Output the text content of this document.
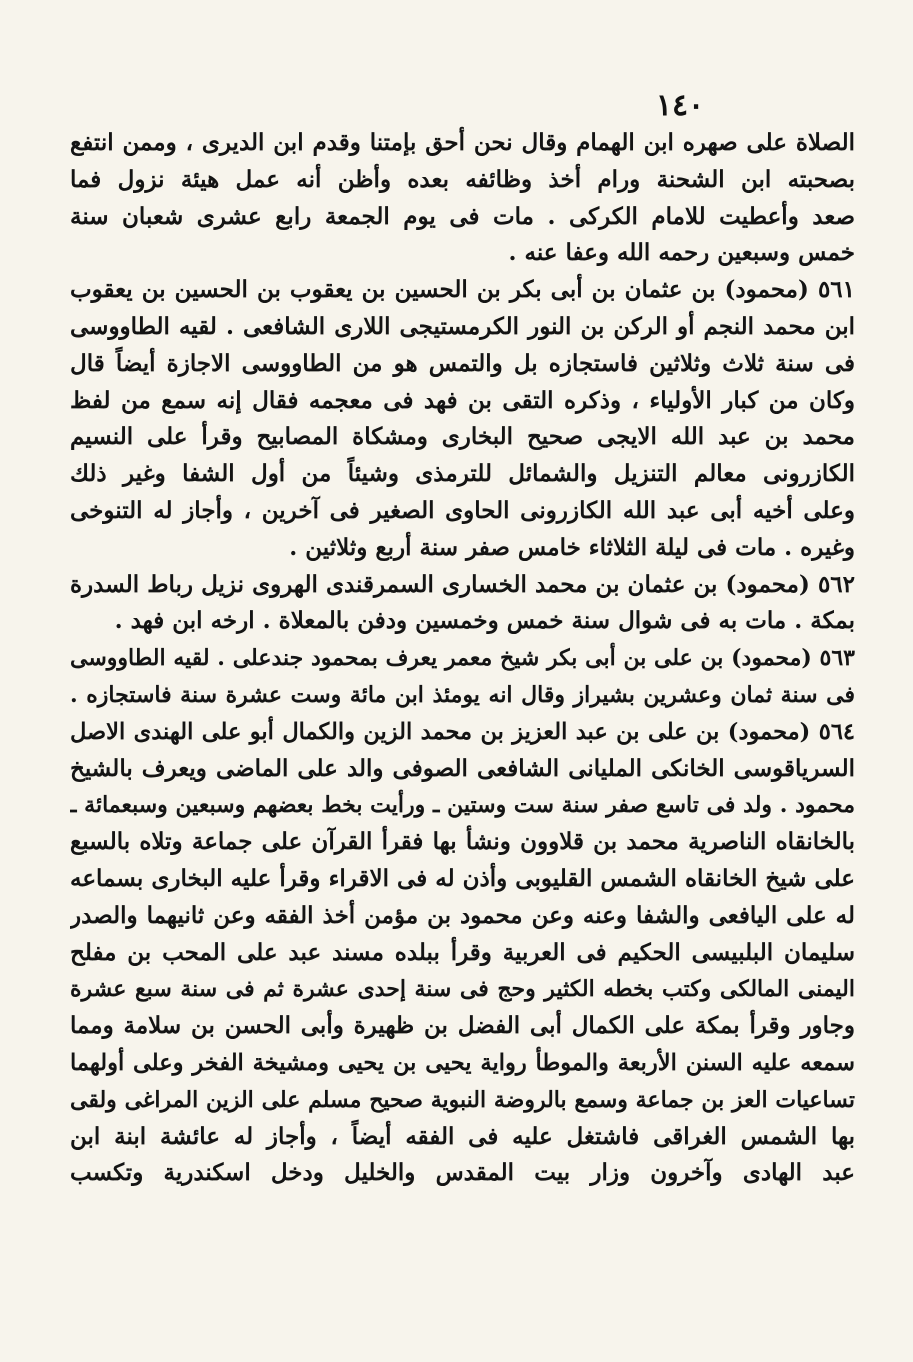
١٤٠
الصلاة على صهره ابن الهمام وقال نحن أحق بإمتنا وقدم ابن الديرى ، وممن انتفع
بصحبته ابن الشحنة ورام أخذ وظائفه بعده وأظن أنه عمل هيئة نزول فما
صعد وأعطيت للامام الكركى . مات فى يوم الجمعة رابع عشرى شعبان سنة
خمس وسبعين رحمه الله وعفا عنه .
٥٦١ (محمود) بن عثمان بن أبى بكر بن الحسين بن يعقوب بن الحسين بن يعقوب
ابن محمد النجم أو الركن بن النور الكرمستيجى اللارى الشافعى . لقيه الطاووسى
فى سنة ثلاث وثلاثين فاستجازه بل والتمس هو من الطاووسى الاجازة أيضاً قال
وكان من كبار الأولياء ، وذكره التقى بن فهد فى معجمه فقال إنه سمع من لفظ
محمد بن عبد الله الايجى صحيح البخارى ومشكاة المصابيح وقرأ على النسيم
الكازرونى معالم التنزيل والشمائل للترمذى وشيئاً من أول الشفا وغير ذلك
وعلى أخيه أبى عبد الله الكازرونى الحاوى الصغير فى آخرين ، وأجاز له التنوخى
وغيره . مات فى ليلة الثلاثاء خامس صفر سنة أربع وثلاثين .
٥٦٢ (محمود) بن عثمان بن محمد الخسارى السمرقندى الهروى نزيل رباط السدرة
بمكة . مات به فى شوال سنة خمس وخمسين ودفن بالمعلاة . ارخه ابن فهد .
٥٦٣ (محمود) بن على بن أبى بكر شيخ معمر يعرف بمحمود جندعلى . لقيه الطاووسى
فى سنة ثمان وعشرين بشيراز وقال انه يومئذ ابن مائة وست عشرة سنة فاستجازه .
٥٦٤ (محمود) بن على بن عبد العزيز بن محمد الزين والكمال أبو على الهندى الاصل
السرياقوسى الخانكى المليانى الشافعى الصوفى والد على الماضى ويعرف بالشيخ
محمود . ولد فى تاسع صفر سنة ست وستين ـ ورأيت بخط بعضهم وسبعين وسبعمائة ـ
بالخانقاه الناصرية محمد بن قلاوون ونشأ بها فقرأ القرآن على جماعة وتلاه بالسبع
على شيخ الخانقاه الشمس القليوبى وأذن له فى الاقراء وقرأ عليه البخارى بسماعه
له على اليافعى والشفا وعنه وعن محمود بن مؤمن أخذ الفقه وعن ثانيهما والصدر
سليمان البلبيسى الحكيم فى العربية وقرأ ببلده مسند عبد على المحب بن مفلح
اليمنى المالكى وكتب بخطه الكثير وحج فى سنة إحدى عشرة ثم فى سنة سبع عشرة
وجاور وقرأ بمكة على الكمال أبى الفضل بن ظهيرة وأبى الحسن بن سلامة ومما
سمعه عليه السنن الأربعة والموطأ رواية يحيى بن يحيى ومشيخة الفخر وعلى أولهما
تساعيات العز بن جماعة وسمع بالروضة النبوية صحيح مسلم على الزين المراغى ولقى
بها الشمس الغراقى فاشتغل عليه فى الفقه أيضاً ، وأجاز له عائشة ابنة ابن
عبد الهادى وآخرون وزار بيت المقدس والخليل ودخل اسكندرية وتكسب
